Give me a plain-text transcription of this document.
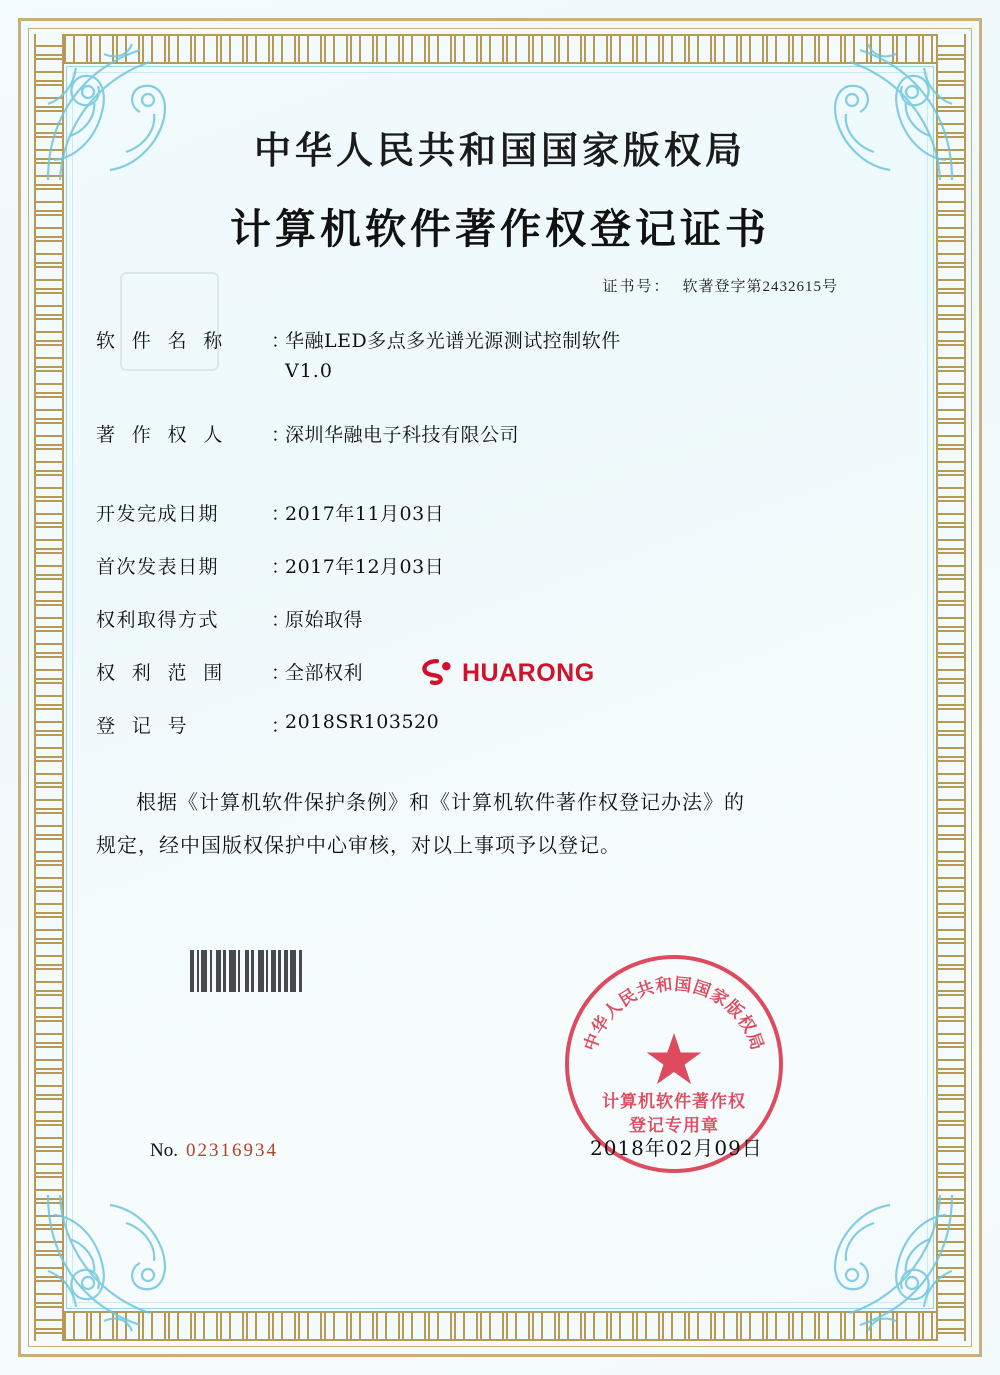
中华人民共和国国家版权局
计算机软件著作权登记证书
证书号： 软著登字第2432615号
软 件 名 称	：
华融LED多点多光谱光源测试控制软件
V1.0
著 作 权 人	：
深圳华融电子科技有限公司
开发完成日期	：
2017年11月03日
首次发表日期	：
2017年12月03日
权利取得方式	：
原始取得
权 利 范 围	：
全部权利
登 记 号	：
2018SR103520
根据《计算机软件保护条例》和《计算机软件著作权登记办法》的
规定，经中国版权保护中心审核，对以上事项予以登记。
HUARONG
中华人民共和国国家版权局
计算机软件著作权
登记专用章
2018年02月09日
No. 02316934
